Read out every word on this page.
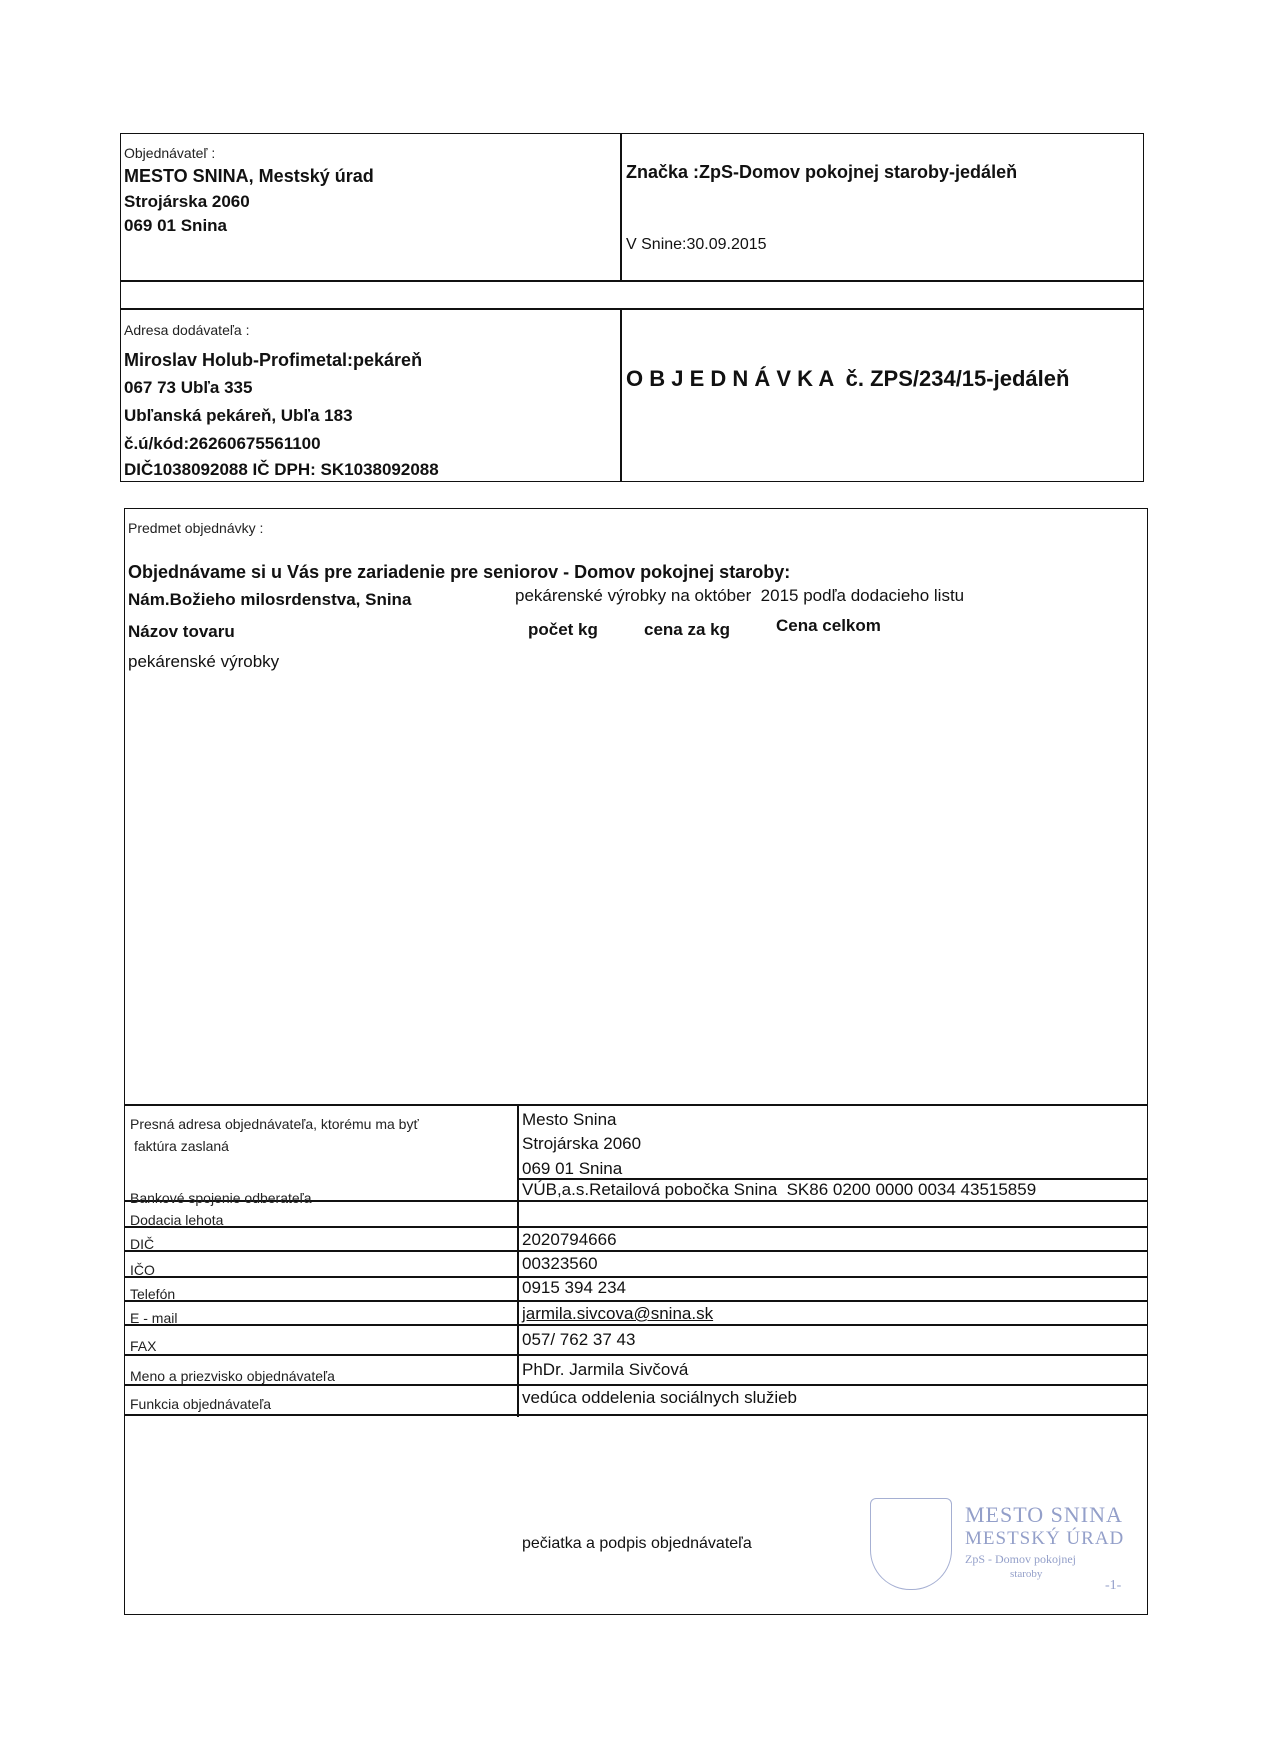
Objednávateľ :
MESTO SNINA, Mestský úrad
Strojárska 2060
069 01 Snina
Značka :ZpS-Domov pokojnej staroby-jedáleň
V Snine:30.09.2015
Adresa dodávateľa :
Miroslav Holub-Profimetal:pekáreň
067 73 Ubľa 335
Ubľanská pekáreň, Ubľa 183
č.ú/kód:26260675561100
DIČ1038092088 IČ DPH: SK1038092088
O B J E D N Á V K A  č. ZPS/234/15-jedáleň
Predmet objednávky :
Objednávame si u Vás pre zariadenie pre seniorov - Domov pokojnej staroby:
Nám.Božieho milosrdenstva, Snina	pekárenské výrobky na október  2015 podľa dodacieho listu
Názov tovaru	počet kg	cena za kg	Cena celkom
pekárenské výrobky
Presná adresa objednávateľa, ktorému ma byť
faktúra zaslaná
Mesto Snina
Strojárska 2060
069 01 Snina
Bankové spojenie odberateľa	VÚB,a.s.Retailová pobočka Snina  SK86 0200 0000 0034 43515859
Dodacia lehota
DIČ	2020794666
IČO	00323560
Telefón	0915 394 234
E - mail	jarmila.sivcova@snina.sk
FAX	057/ 762 37 43
Meno a priezvisko objednávateľa	PhDr. Jarmila Sivčová
Funkcia objednávateľa	vedúca oddelenia sociálnych služieb
pečiatka a podpis objednávateľa
MESTO SNINA
MESTSKÝ ÚRAD
ZpS - Domov pokojnej
staroby
-1-
